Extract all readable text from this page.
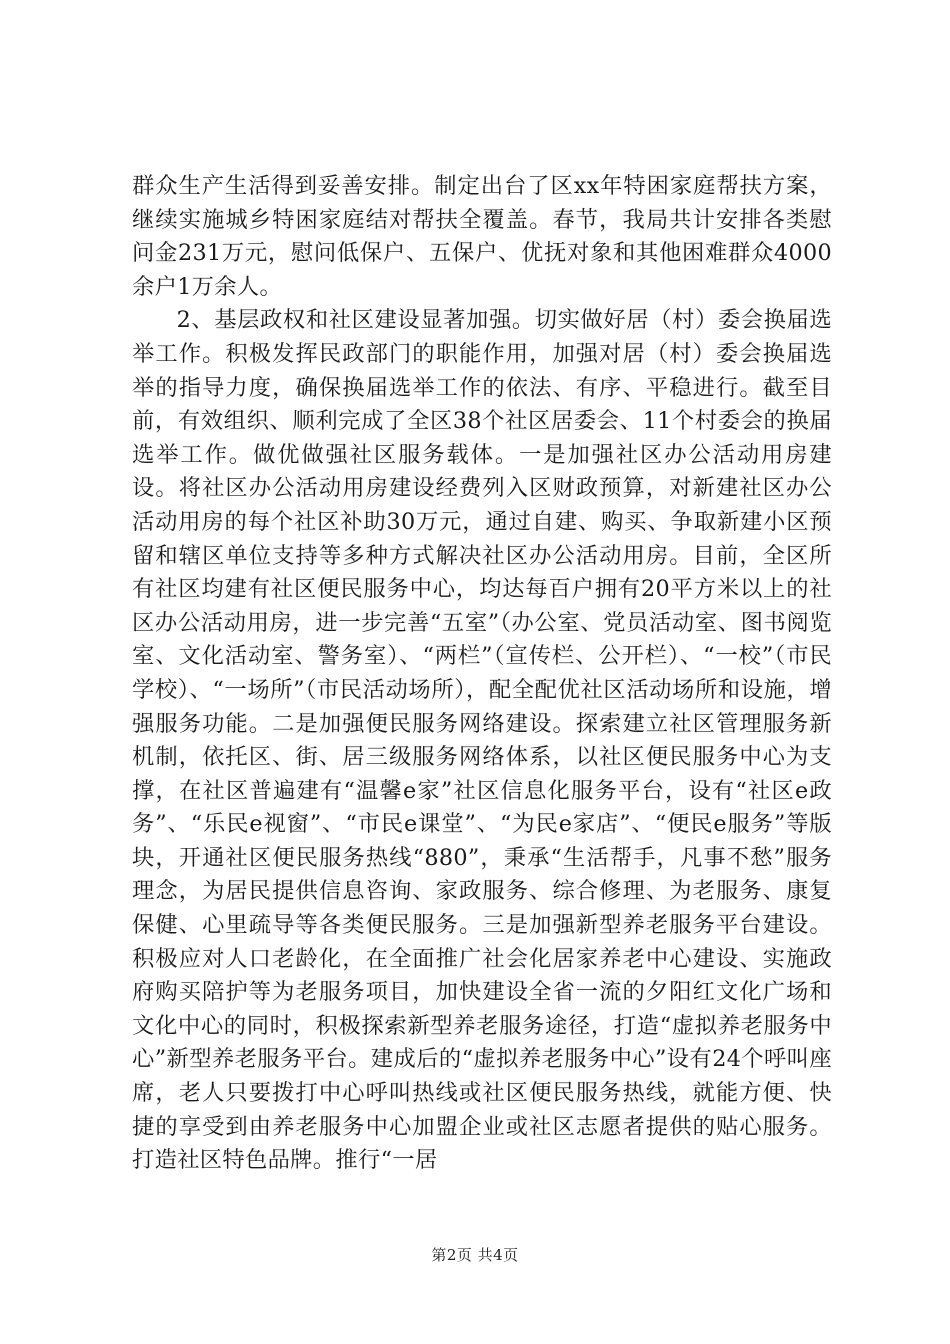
群众生产生活得到妥善安排。制定出台了区xx年特困家庭帮扶方案，继续实施城乡特困家庭结对帮扶全覆盖。春节，我局共计安排各类慰问金231万元，慰问低保户、五保户、优抚对象和其他困难群众4000余户1万余人。

2、基层政权和社区建设显著加强。切实做好居（村）委会换届选举工作。积极发挥民政部门的职能作用，加强对居（村）委会换届选举的指导力度，确保换届选举工作的依法、有序、平稳进行。截至目前，有效组织、顺利完成了全区38个社区居委会、11个村委会的换届选举工作。做优做强社区服务载体。一是加强社区办公活动用房建设。将社区办公活动用房建设经费列入区财政预算，对新建社区办公活动用房的每个社区补助30万元，通过自建、购买、争取新建小区预留和辖区单位支持等多种方式解决社区办公活动用房。目前，全区所有社区均建有社区便民服务中心，均达每百户拥有20平方米以上的社区办公活动用房，进一步完善“五室”（办公室、党员活动室、图书阅览室、文化活动室、警务室）、“两栏”（宣传栏、公开栏）、“一校”（市民学校）、“一场所”（市民活动场所），配全配优社区活动场所和设施，增强服务功能。二是加强便民服务网络建设。探索建立社区管理服务新机制，依托区、街、居三级服务网络体系，以社区便民服务中心为支撑，在社区普遍建有“温馨e家”社区信息化服务平台，设有“社区e政务”、“乐民e视窗”、“市民e课堂”、“为民e家店”、“便民e服务”等版块，开通社区便民服务热线“880”，秉承“生活帮手，凡事不愁”服务理念，为居民提供信息咨询、家政服务、综合修理、为老服务、康复保健、心里疏导等各类便民服务。三是加强新型养老服务平台建设。积极应对人口老龄化，在全面推广社会化居家养老中心建设、实施政府购买陪护等为老服务项目，加快建设全省一流的夕阳红文化广场和文化中心的同时，积极探索新型养老服务途径，打造“虚拟养老服务中心”新型养老服务平台。建成后的“虚拟养老服务中心”设有24个呼叫座席，老人只要拨打中心呼叫热线或社区便民服务热线，就能方便、快捷的享受到由养老服务中心加盟企业或社区志愿者提供的贴心服务。打造社区特色品牌。推行“一居

第2页 共4页
